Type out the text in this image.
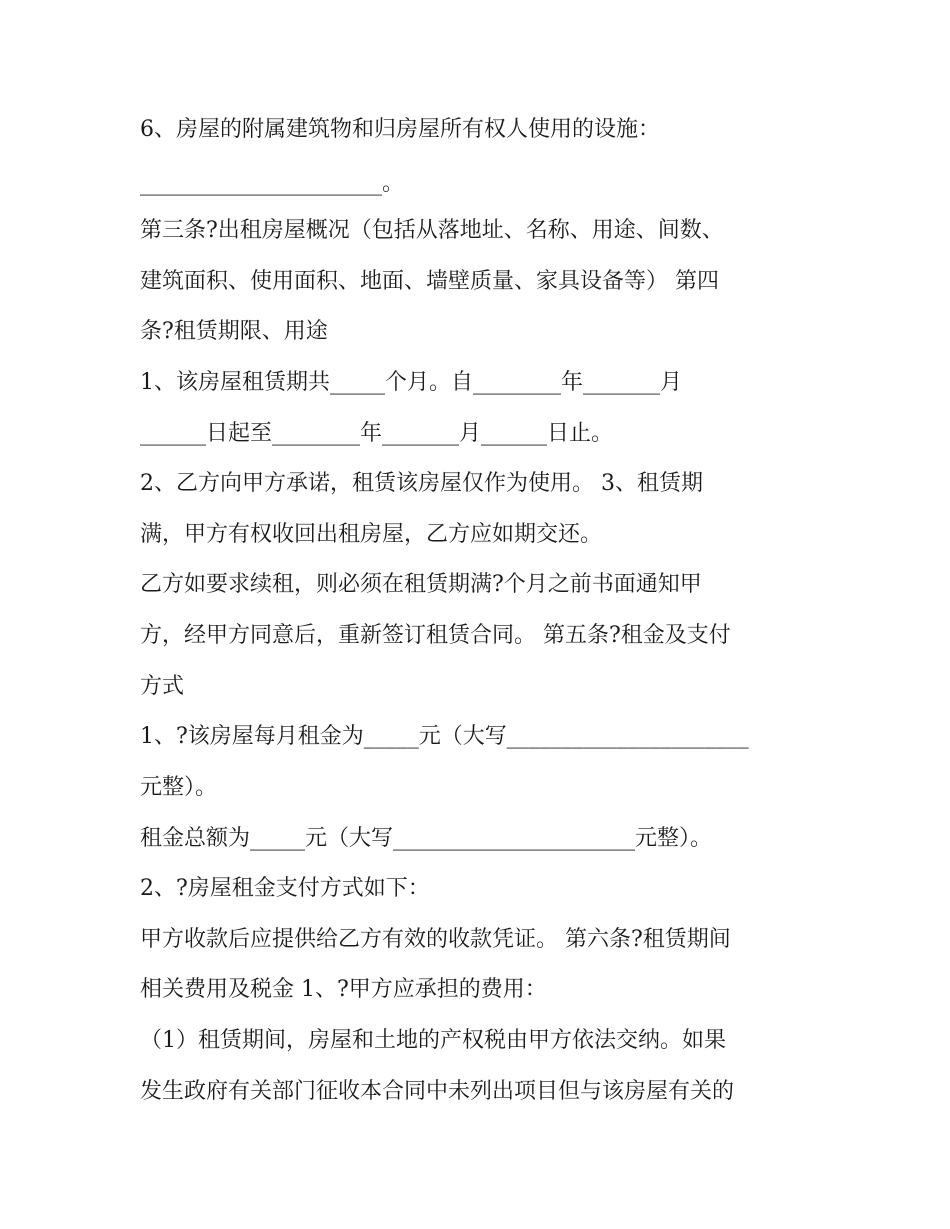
6、房屋的附属建筑物和归房屋所有权人使用的设施：
______________________。
第三条?出租房屋概况（包括从落地址、名称、用途、间数、
建筑面积、使用面积、地面、墙壁质量、家具设备等） 第四
条?租赁期限、用途
1、该房屋租赁期共_____个月。自________年_______月
______日起至________年_______月______日止。
2、乙方向甲方承诺，租赁该房屋仅作为使用。 3、租赁期
满，甲方有权收回出租房屋，乙方应如期交还。
乙方如要求续租，则必须在租赁期满?个月之前书面通知甲
方，经甲方同意后，重新签订租赁合同。 第五条?租金及支付
方式
1、?该房屋每月租金为_____元（大写______________________
元整）。
租金总额为_____元（大写______________________元整）。
2、?房屋租金支付方式如下：
甲方收款后应提供给乙方有效的收款凭证。 第六条?租赁期间
相关费用及税金 1、?甲方应承担的费用：
（1）租赁期间，房屋和土地的产权税由甲方依法交纳。如果
发生政府有关部门征收本合同中未列出项目但与该房屋有关的
